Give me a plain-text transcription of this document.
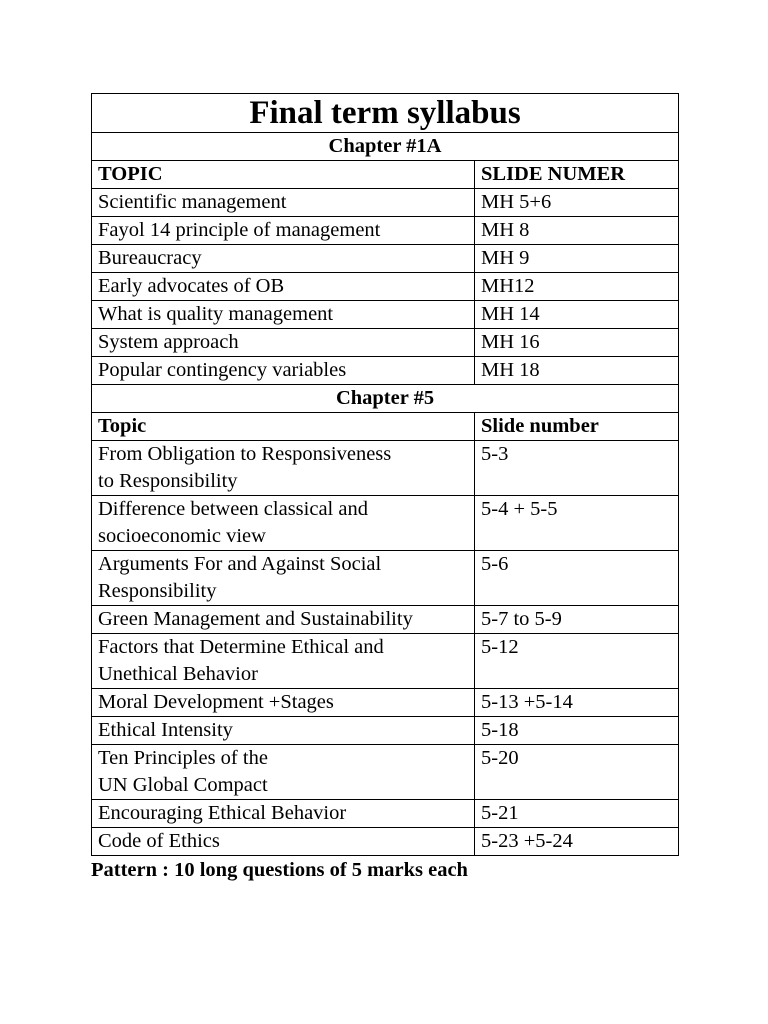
Final term syllabus	
Chapter #1A	
TOPIC	SLIDE NUMER
Scientific management	MH 5+6
Fayol 14 principle of management	MH 8
Bureaucracy	MH 9
Early advocates of OB	MH12
What is quality management	MH 14
System approach	MH 16
Popular contingency variables	MH 18
Chapter #5	
Topic	Slide number
From Obligation to Responsiveness
to Responsibility	5-3
Difference between classical and
socioeconomic view	5-4 + 5-5
Arguments For and Against Social
Responsibility	5-6
Green Management and Sustainability	5-7 to 5-9
Factors that Determine Ethical and
Unethical Behavior	5-12
Moral Development +Stages	5-13 +5-14
Ethical Intensity	5-18
Ten Principles of the
UN Global Compact	5-20
Encouraging Ethical Behavior	5-21
Code of Ethics	5-23 +5-24

Pattern : 10 long questions of 5 marks each
